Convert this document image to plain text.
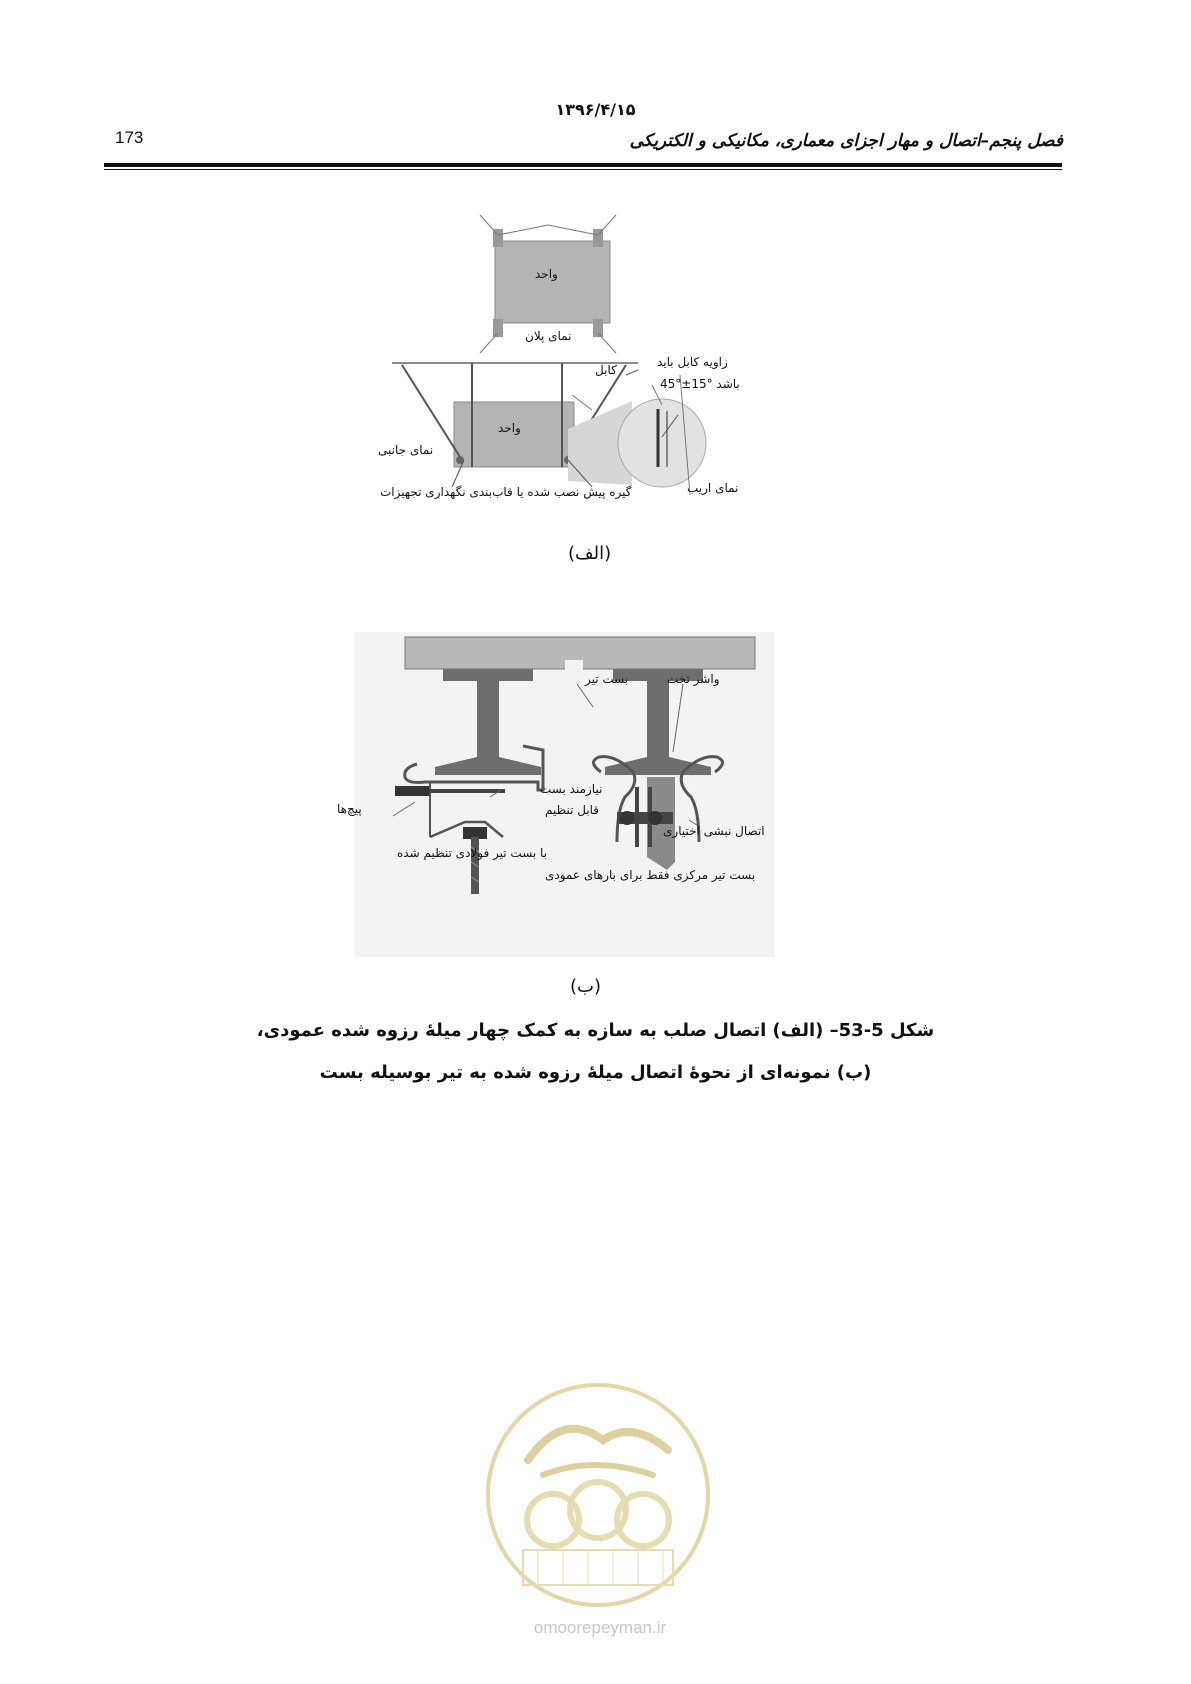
۱۳۹۶/۴/۱۵
173	فصل پنجم–اتصال و مهار اجزای معماری، مکانیکی و الکتریکی
واحد
نمای پلان
کابل
زاویه کابل باید
45°±15° باشد
واحد
نمای جانبی
نمای اریب
گیره پیش نصب شده یا قاب‌بندی نگهداری تجهیزات
(الف)
بست تیر	واشر تخت
نیازمند بست
قابل تنظیم
پیچ‌ها
اتصال نبشی اختیاری
با بست تیر فولادی تنظیم شده
بست تیر مرکزی فقط برای بارهای عمودی
(ب)
شکل 5-53– (الف) اتصال صلب به سازه به کمک چهار میلۀ رزوه شده عمودی،
(ب) نمونه‌ای از نحوۀ اتصال میلۀ رزوه شده به تیر بوسیله بست
omoorepeyman.ir
